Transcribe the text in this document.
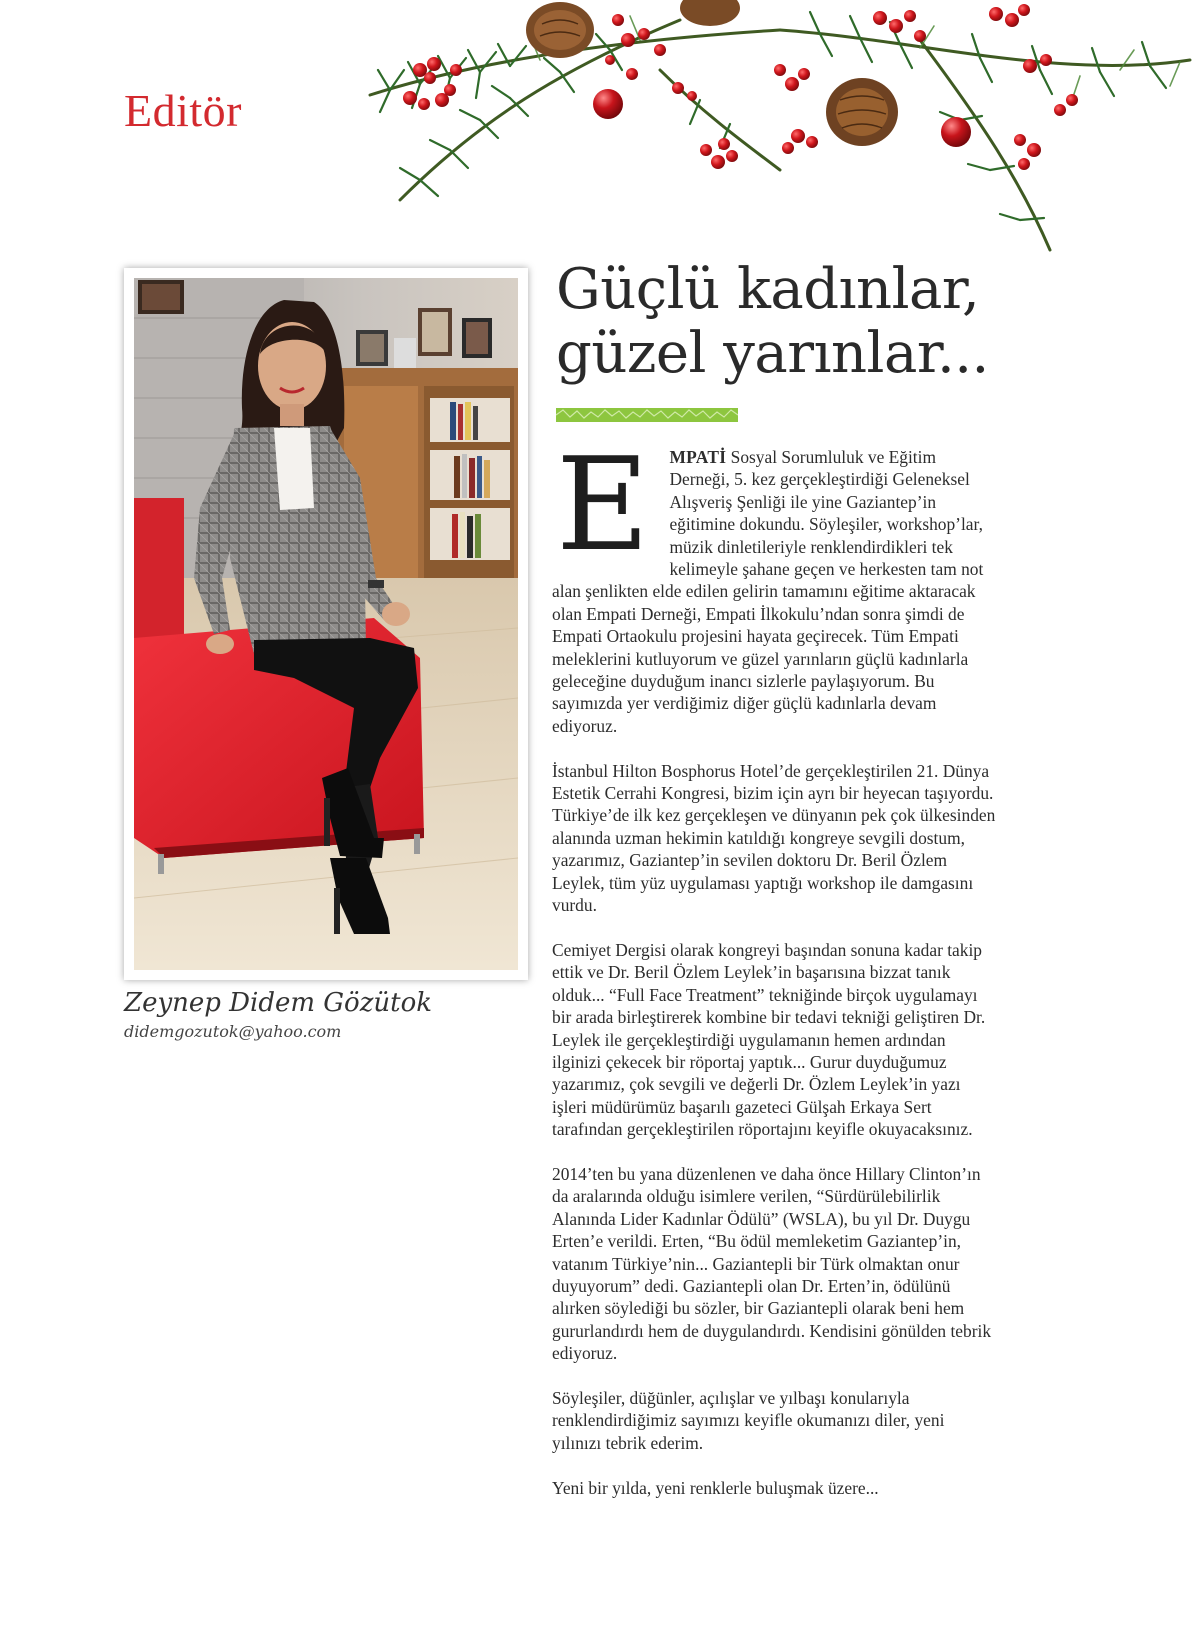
Editör
Zeynep Didem Gözütok
didemgozutok@yahoo.com
Güçlü kadınlar,
güzel yarınlar...

E MPATİ Sosyal Sorumluluk ve Eğitim Derneği, 5. kez gerçekleştirdiği Geleneksel Alışveriş Şenliği ile yine Gaziantep’in eğitimine dokundu. Söyleşiler, workshop’lar, müzik dinletileriyle renklendirdikleri tek kelimeyle şahane geçen ve herkesten tam not alan şenlikten elde edilen gelirin tamamını eğitime aktaracak olan Empati Derneği, Empati İlkokulu’ndan sonra şimdi de Empati Ortaokulu projesini hayata geçirecek. Tüm Empati meleklerini kutluyorum ve güzel yarınların güçlü kadınlarla geleceğine duyduğum inancı sizlerle paylaşıyorum. Bu sayımızda yer verdiğimiz diğer güçlü kadınlarla devam ediyoruz.

İstanbul Hilton Bosphorus Hotel’de gerçekleştirilen 21. Dünya Estetik Cerrahi Kongresi, bizim için ayrı bir heyecan taşıyordu. Türkiye’de ilk kez gerçekleşen ve dünyanın pek çok ülkesinden alanında uzman hekimin katıldığı kongreye sevgili dostum, yazarımız, Gaziantep’in sevilen doktoru Dr. Beril Özlem Leylek, tüm yüz uygulaması yaptığı workshop ile damgasını vurdu.

Cemiyet Dergisi olarak kongreyi başından sonuna kadar takip ettik ve Dr. Beril Özlem Leylek’in başarısına bizzat tanık olduk... “Full Face Treatment” tekniğinde birçok uygulamayı bir arada birleştirerek kombine bir tedavi tekniği geliştiren Dr. Leylek ile gerçekleştirdiği uygulamanın hemen ardından ilginizi çekecek bir röportaj yaptık... Gurur duyduğumuz yazarımız, çok sevgili ve değerli Dr. Özlem Leylek’in yazı işleri müdürümüz başarılı gazeteci Gülşah Erkaya Sert tarafından gerçekleştirilen röportajını keyifle okuyacaksınız.

2014’ten bu yana düzenlenen ve daha önce Hillary Clinton’ın da aralarında olduğu isimlere verilen, “Sürdürülebilirlik Alanında Lider Kadınlar Ödülü” (WSLA), bu yıl Dr. Duygu Erten’e verildi. Erten, “Bu ödül memleketim Gaziantep’in, vatanım Türkiye’nin... Gaziantepli bir Türk olmaktan onur duyuyorum” dedi. Gaziantepli olan Dr. Erten’in, ödülünü alırken söylediği bu sözler, bir Gaziantepli olarak beni hem gururlandırdı hem de duygulandırdı. Kendisini gönülden tebrik ediyoruz.

Söyleşiler, düğünler, açılışlar ve yılbaşı konularıyla renklendirdiğimiz sayımızı keyifle okumanızı diler, yeni yılınızı tebrik ederim.

Yeni bir yılda, yeni renklerle buluşmak üzere...
